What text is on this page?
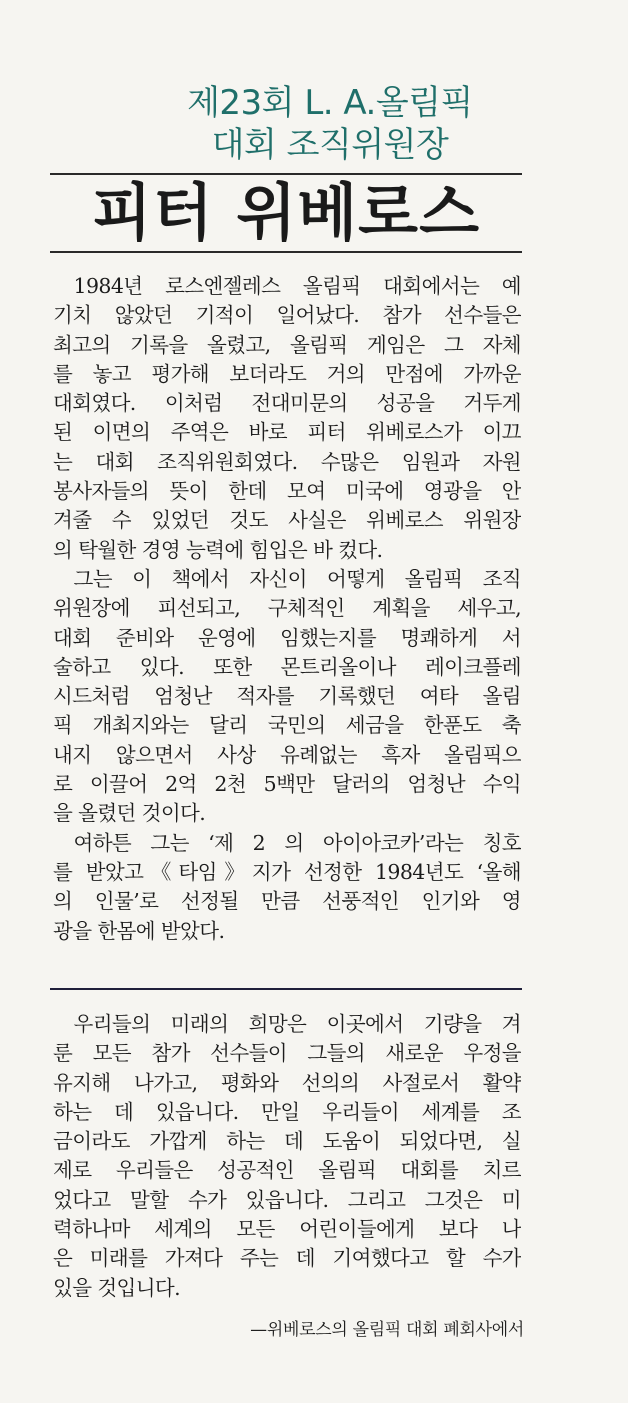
제23회 L. A.올림픽

대회 조직위원장

피터 위베로스
1984년 로스엔젤레스 올림픽 대회에서는 예
기치 않았던 기적이 일어났다. 참가 선수들은
최고의 기록을 올렸고, 올림픽 게임은 그 자체
를 놓고 평가해 보더라도 거의 만점에 가까운
대회였다. 이처럼 전대미문의 성공을 거두게
된 이면의 주역은 바로 피터 위베로스가 이끄
는 대회 조직위원회였다. 수많은 임원과 자원
봉사자들의 뜻이 한데 모여 미국에 영광을 안
겨줄 수 있었던 것도 사실은 위베로스 위원장
의 탁월한 경영 능력에 힘입은 바 컸다.
그는 이 책에서 자신이 어떻게 올림픽 조직
위원장에 피선되고, 구체적인 계획을 세우고,
대회 준비와 운영에 임했는지를 명쾌하게 서
술하고 있다. 또한 몬트리올이나 레이크플레
시드처럼 엄청난 적자를 기록했던 여타 올림
픽 개최지와는 달리 국민의 세금을 한푼도 축
내지 않으면서 사상 유례없는 흑자 올림픽으
로 이끌어 2억 2천 5백만 달러의 엄청난 수익
을 올렸던 것이다.
여하튼 그는 ‘제 2 의 아이아코카’라는 칭호
를 받았고《타임》지가 선정한 1984년도 ‘올해
의 인물’로 선정될 만큼 선풍적인 인기와 영
광을 한몸에 받았다.
우리들의 미래의 희망은 이곳에서 기량을 겨
룬 모든 참가 선수들이 그들의 새로운 우정을
유지해 나가고, 평화와 선의의 사절로서 활약
하는 데 있읍니다. 만일 우리들이 세계를 조
금이라도 가깝게 하는 데 도움이 되었다면, 실
제로 우리들은 성공적인 올림픽 대회를 치르
었다고 말할 수가 있읍니다. 그리고 그것은 미
력하나마 세계의 모든 어린이들에게 보다 나
은 미래를 가져다 주는 데 기여했다고 할 수가
있을 것입니다.

—위베로스의 올림픽 대회 폐회사에서
